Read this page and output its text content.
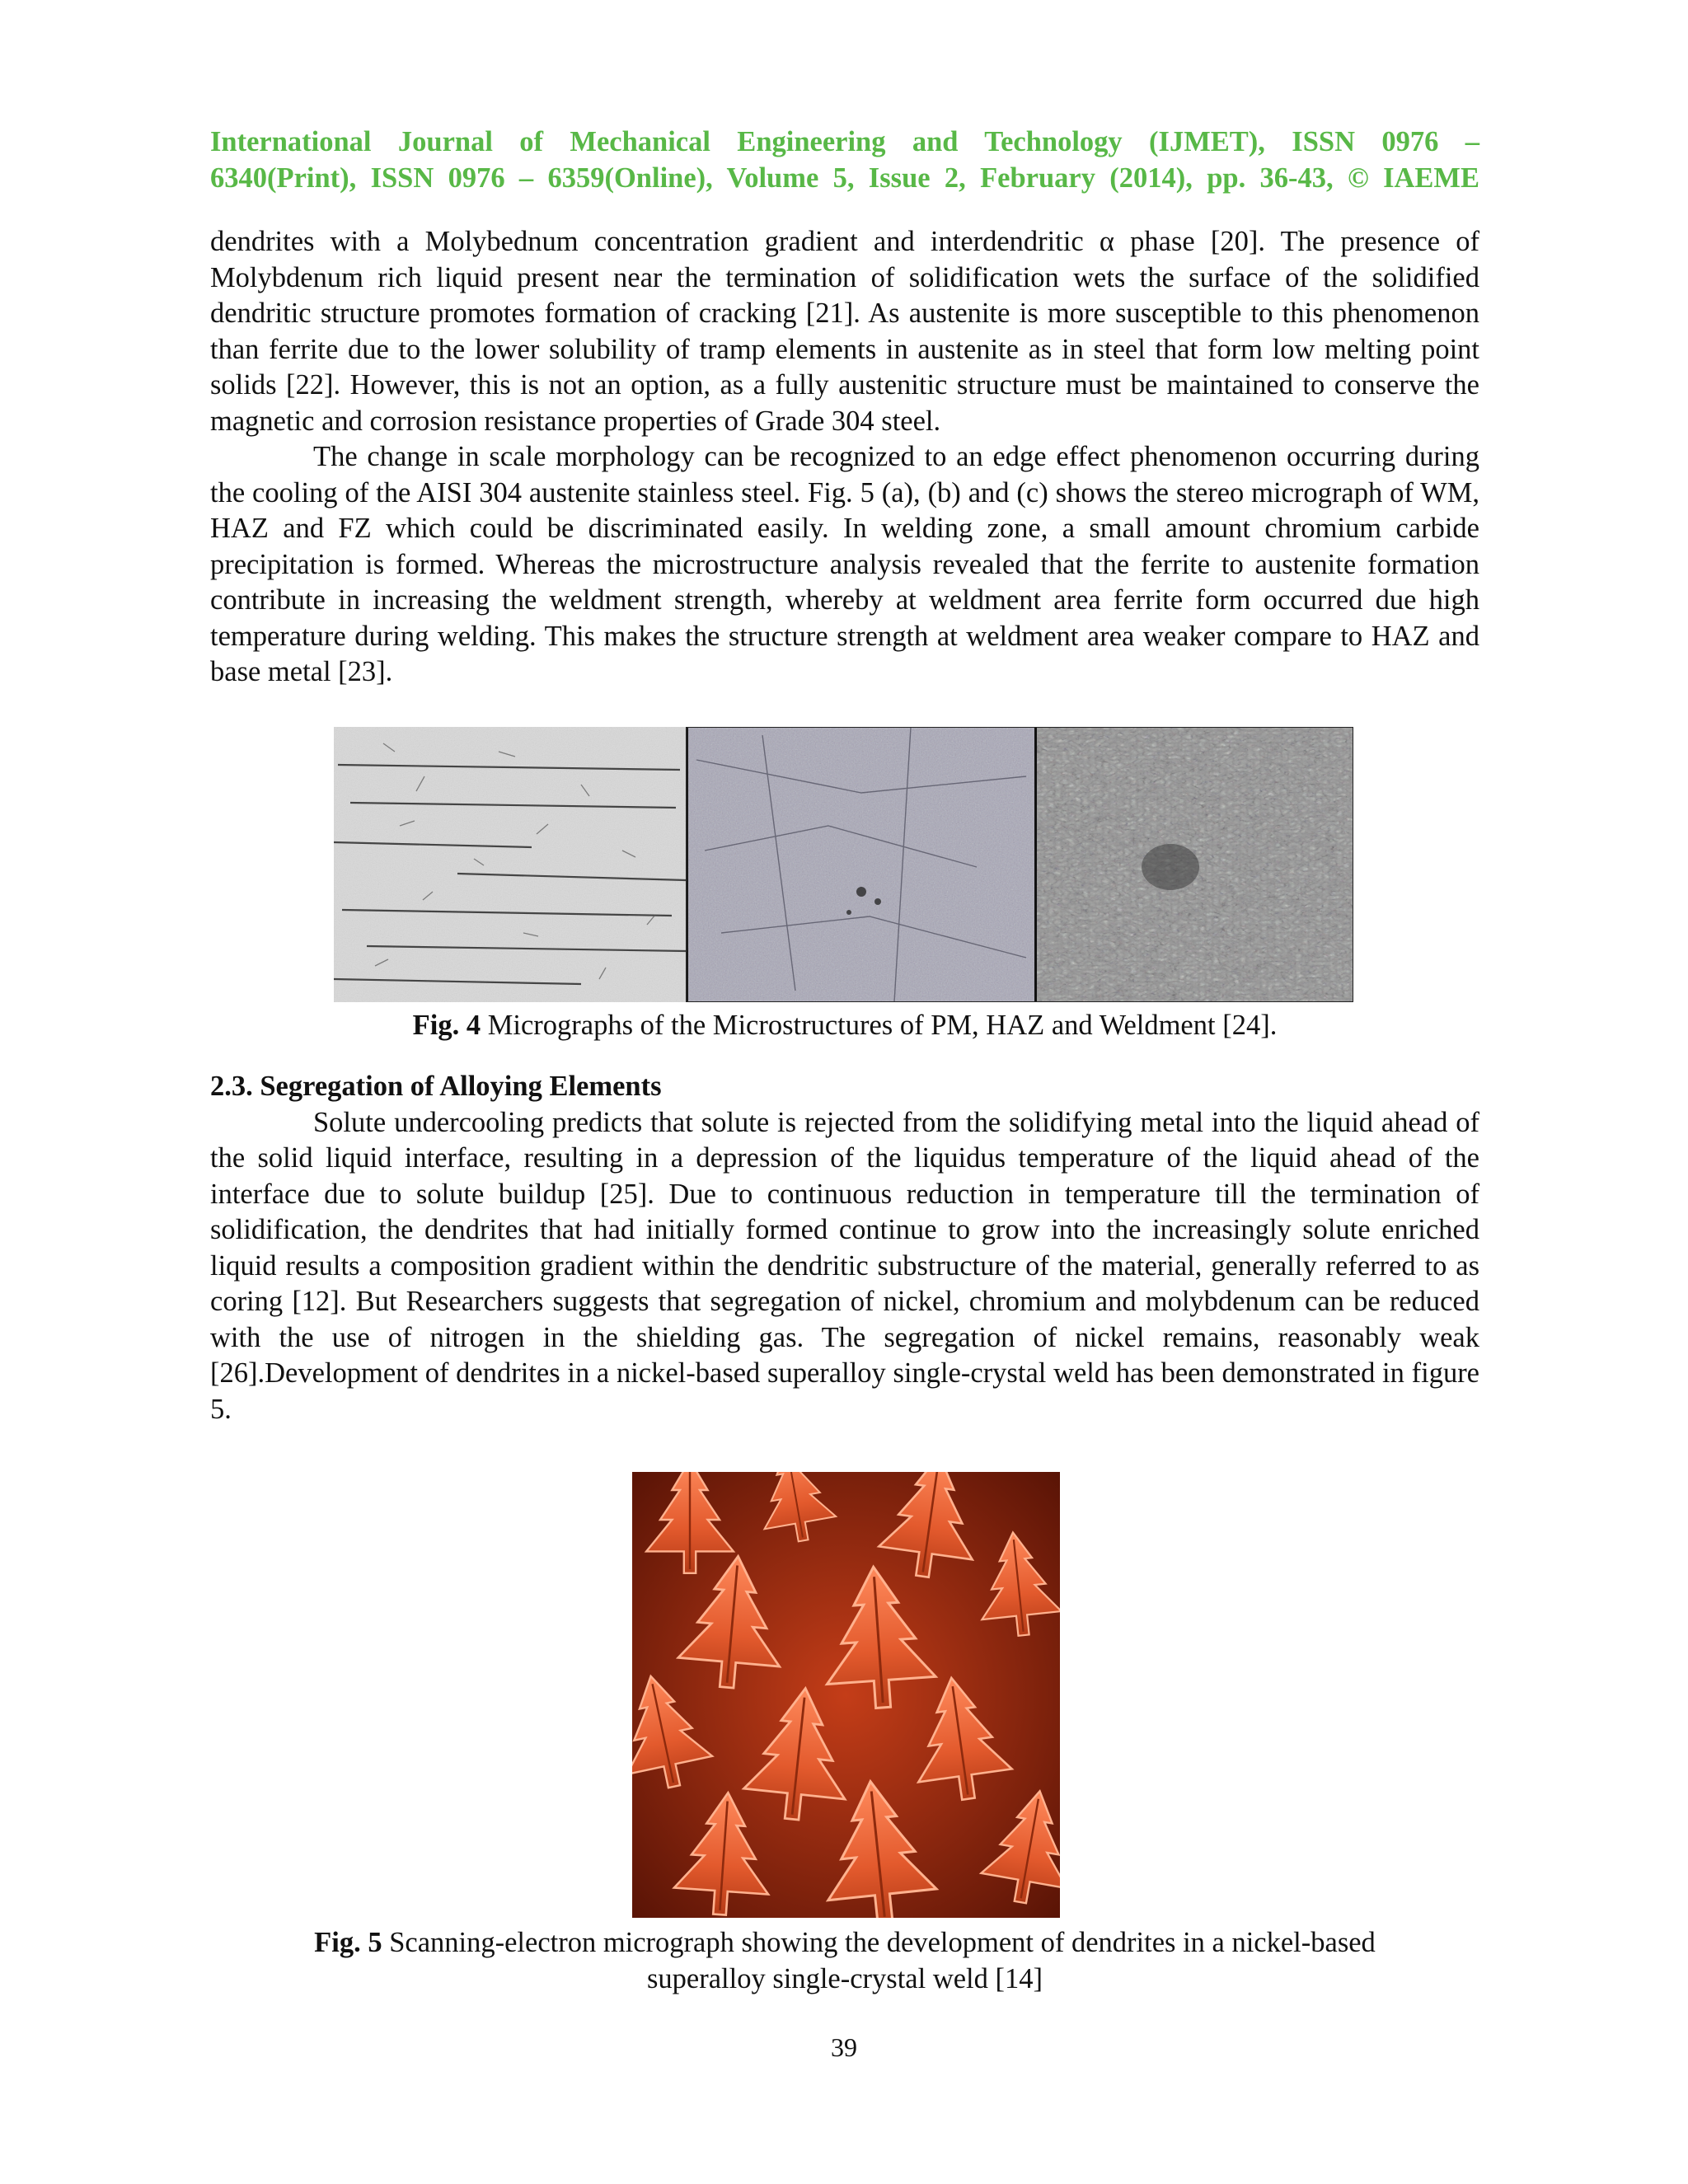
International Journal of Mechanical Engineering and Technology (IJMET), ISSN 0976 –
6340(Print), ISSN 0976 – 6359(Online), Volume 5, Issue 2, February (2014), pp. 36-43, © IAEME

dendrites with a Molybednum concentration gradient and interdendritic α phase [20]. The presence of Molybdenum rich liquid present near the termination of solidification wets the surface of the solidified dendritic structure promotes formation of cracking [21]. As austenite is more susceptible to this phenomenon than ferrite due to the lower solubility of tramp elements in austenite as in steel that form low melting point solids [22]. However, this is not an option, as a fully austenitic structure must be maintained to conserve the magnetic and corrosion resistance properties of Grade 304 steel.

The change in scale morphology can be recognized to an edge effect phenomenon occurring during the cooling of the AISI 304 austenite stainless steel. Fig. 5 (a), (b) and (c) shows the stereo micrograph of WM, HAZ and FZ which could be discriminated easily. In welding zone, a small amount chromium carbide precipitation is formed. Whereas the microstructure analysis revealed that the ferrite to austenite formation contribute in increasing the weldment strength, whereby at weldment area ferrite form occurred due high temperature during welding. This makes the structure strength at weldment area weaker compare to HAZ and base metal [23].

Fig. 4 Micrographs of the Microstructures of PM, HAZ and Weldment [24].

2.3. Segregation of Alloying Elements

Solute undercooling predicts that solute is rejected from the solidifying metal into the liquid ahead of the solid liquid interface, resulting in a depression of the liquidus temperature of the liquid ahead of the interface due to solute buildup [25]. Due to continuous reduction in temperature till the termination of solidification, the dendrites that had initially formed continue to grow into the increasingly solute enriched liquid results a composition gradient within the dendritic substructure of the material, generally referred to as coring [12]. But Researchers suggests that segregation of nickel, chromium and molybdenum can be reduced with the use of nitrogen in the shielding gas. The segregation of nickel remains, reasonably weak [26].Development of dendrites in a nickel-based superalloy single-crystal weld has been demonstrated in figure 5.

Fig. 5 Scanning-electron micrograph showing the development of dendrites in a nickel-based
superalloy single-crystal weld [14]
39
